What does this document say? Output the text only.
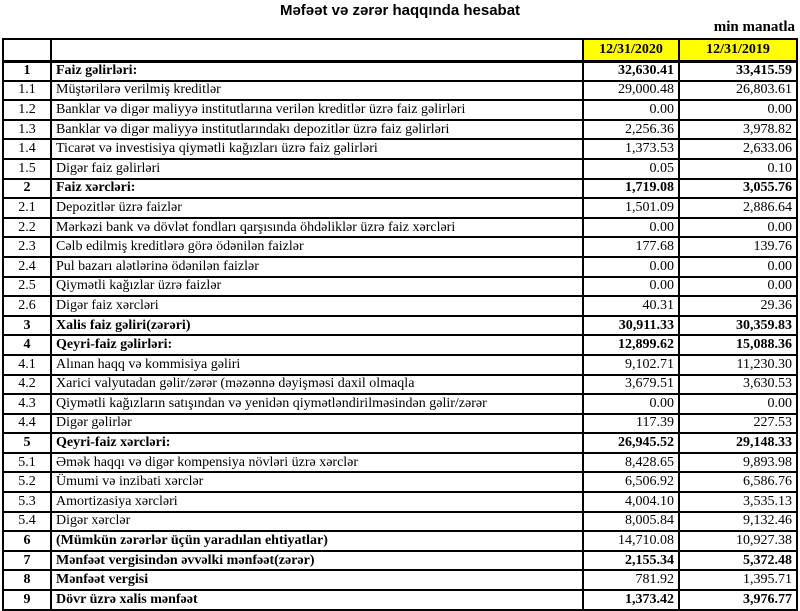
Məfəət və zərər haqqında hesabat
min manatla
		12/31/2020	12/31/2019
1	Faiz gəlirləri:	32,630.41	33,415.59
1.1	Müştərilərə verilmiş kreditlər	29,000.48	26,803.61
1.2	Banklar və digər maliyyə institutlarına verilən kreditlər üzrə faiz gəlirləri	0.00	0.00
1.3	Banklar və digər maliyyə institutlarındakı depozitlər üzrə faiz gəlirləri	2,256.36	3,978.82
1.4	Ticarət və investisiya qiymətli kağızları üzrə faiz gəlirləri	1,373.53	2,633.06
1.5	Digər faiz gəlirləri	0.05	0.10
2	Faiz xərcləri:	1,719.08	3,055.76
2.1	Depozitlər üzrə faizlər	1,501.09	2,886.64
2.2	Mərkəzi bank və dövlət fondları qarşısında öhdəliklər üzrə faiz xərcləri	0.00	0.00
2.3	Cəlb edilmiş kreditlərə görə ödənilən faizlər	177.68	139.76
2.4	Pul bazarı alətlərinə ödənilən faizlər	0.00	0.00
2.5	Qiymətli kağızlar üzrə faizlər	0.00	0.00
2.6	Digər faiz xərcləri	40.31	29.36
3	Xalis faiz gəliri(zərəri)	30,911.33	30,359.83
4	Qeyri-faiz gəlirləri:	12,899.62	15,088.36
4.1	Alınan haqq və kommisiya gəliri	9,102.71	11,230.30
4.2	Xarici valyutadan gəlir/zərər (məzənnə dəyişməsi daxil olmaqla	3,679.51	3,630.53
4.3	Qiymətli kağızların satışından və yenidən qiymətləndirilməsindən gəlir/zərər	0.00	0.00
4.4	Digər gəlirlər	117.39	227.53
5	Qeyri-faiz xərcləri:	26,945.52	29,148.33
5.1	Əmək haqqı və digər kompensiya növləri üzrə xərclər	8,428.65	9,893.98
5.2	Ümumi və inzibati xərclər	6,506.92	6,586.76
5.3	Amortizasiya xərcləri	4,004.10	3,535.13
5.4	Digər xərclər	8,005.84	9,132.46
6	(Mümkün zərərlər üçün yaradılan ehtiyatlar)	14,710.08	10,927.38
7	Mənfəət vergisindən əvvəlki mənfəət(zərər)	2,155.34	5,372.48
8	Mənfəət vergisi	781.92	1,395.71
9	Dövr üzrə xalis mənfəət	1,373.42	3,976.77
